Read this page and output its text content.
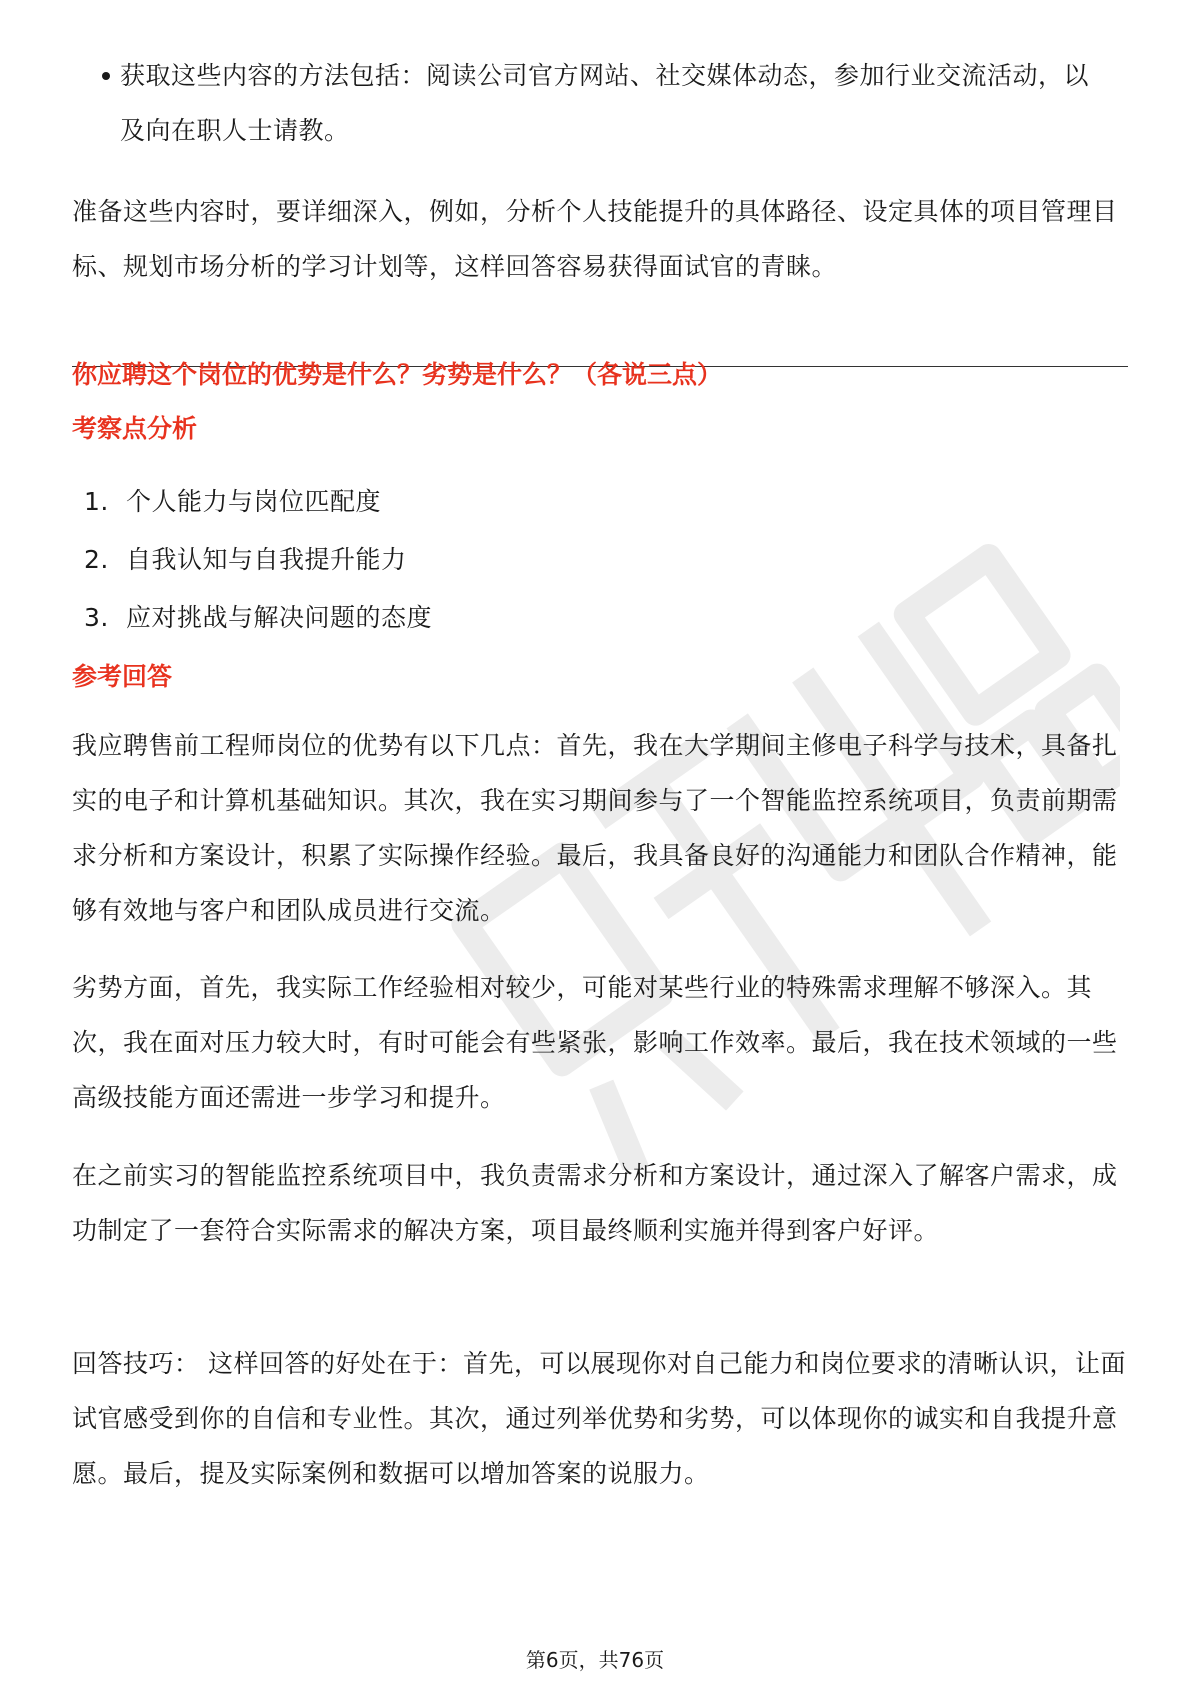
获取这些内容的方法包括：阅读公司官方网站、社交媒体动态，参加行业交流活动，以及向在职人士请教。

准备这些内容时，要详细深入，例如，分析个人技能提升的具体路径、设定具体的项目管理目标、规划市场分析的学习计划等，这样回答容易获得面试官的青睐。

你应聘这个岗位的优势是什么？劣势是什么？（各说三点）
考察点分析
1. 个人能力与岗位匹配度
2. 自我认知与自我提升能力
3. 应对挑战与解决问题的态度
参考回答

我应聘售前工程师岗位的优势有以下几点：首先，我在大学期间主修电子科学与技术，具备扎实的电子和计算机基础知识。其次，我在实习期间参与了一个智能监控系统项目，负责前期需求分析和方案设计，积累了实际操作经验。最后，我具备良好的沟通能力和团队合作精神，能够有效地与客户和团队成员进行交流。

劣势方面，首先，我实际工作经验相对较少，可能对某些行业的特殊需求理解不够深入。其次，我在面对压力较大时，有时可能会有些紧张，影响工作效率。最后，我在技术领域的一些高级技能方面还需进一步学习和提升。

在之前实习的智能监控系统项目中，我负责需求分析和方案设计，通过深入了解客户需求，成功制定了一套符合实际需求的解决方案，项目最终顺利实施并得到客户好评。

回答技巧： 这样回答的好处在于：首先，可以展现你对自己能力和岗位要求的清晰认识，让面试官感受到你的自信和专业性。其次，通过列举优势和劣势，可以体现你的诚实和自我提升意愿。最后，提及实际案例和数据可以增加答案的说服力。

第6页，共76页
